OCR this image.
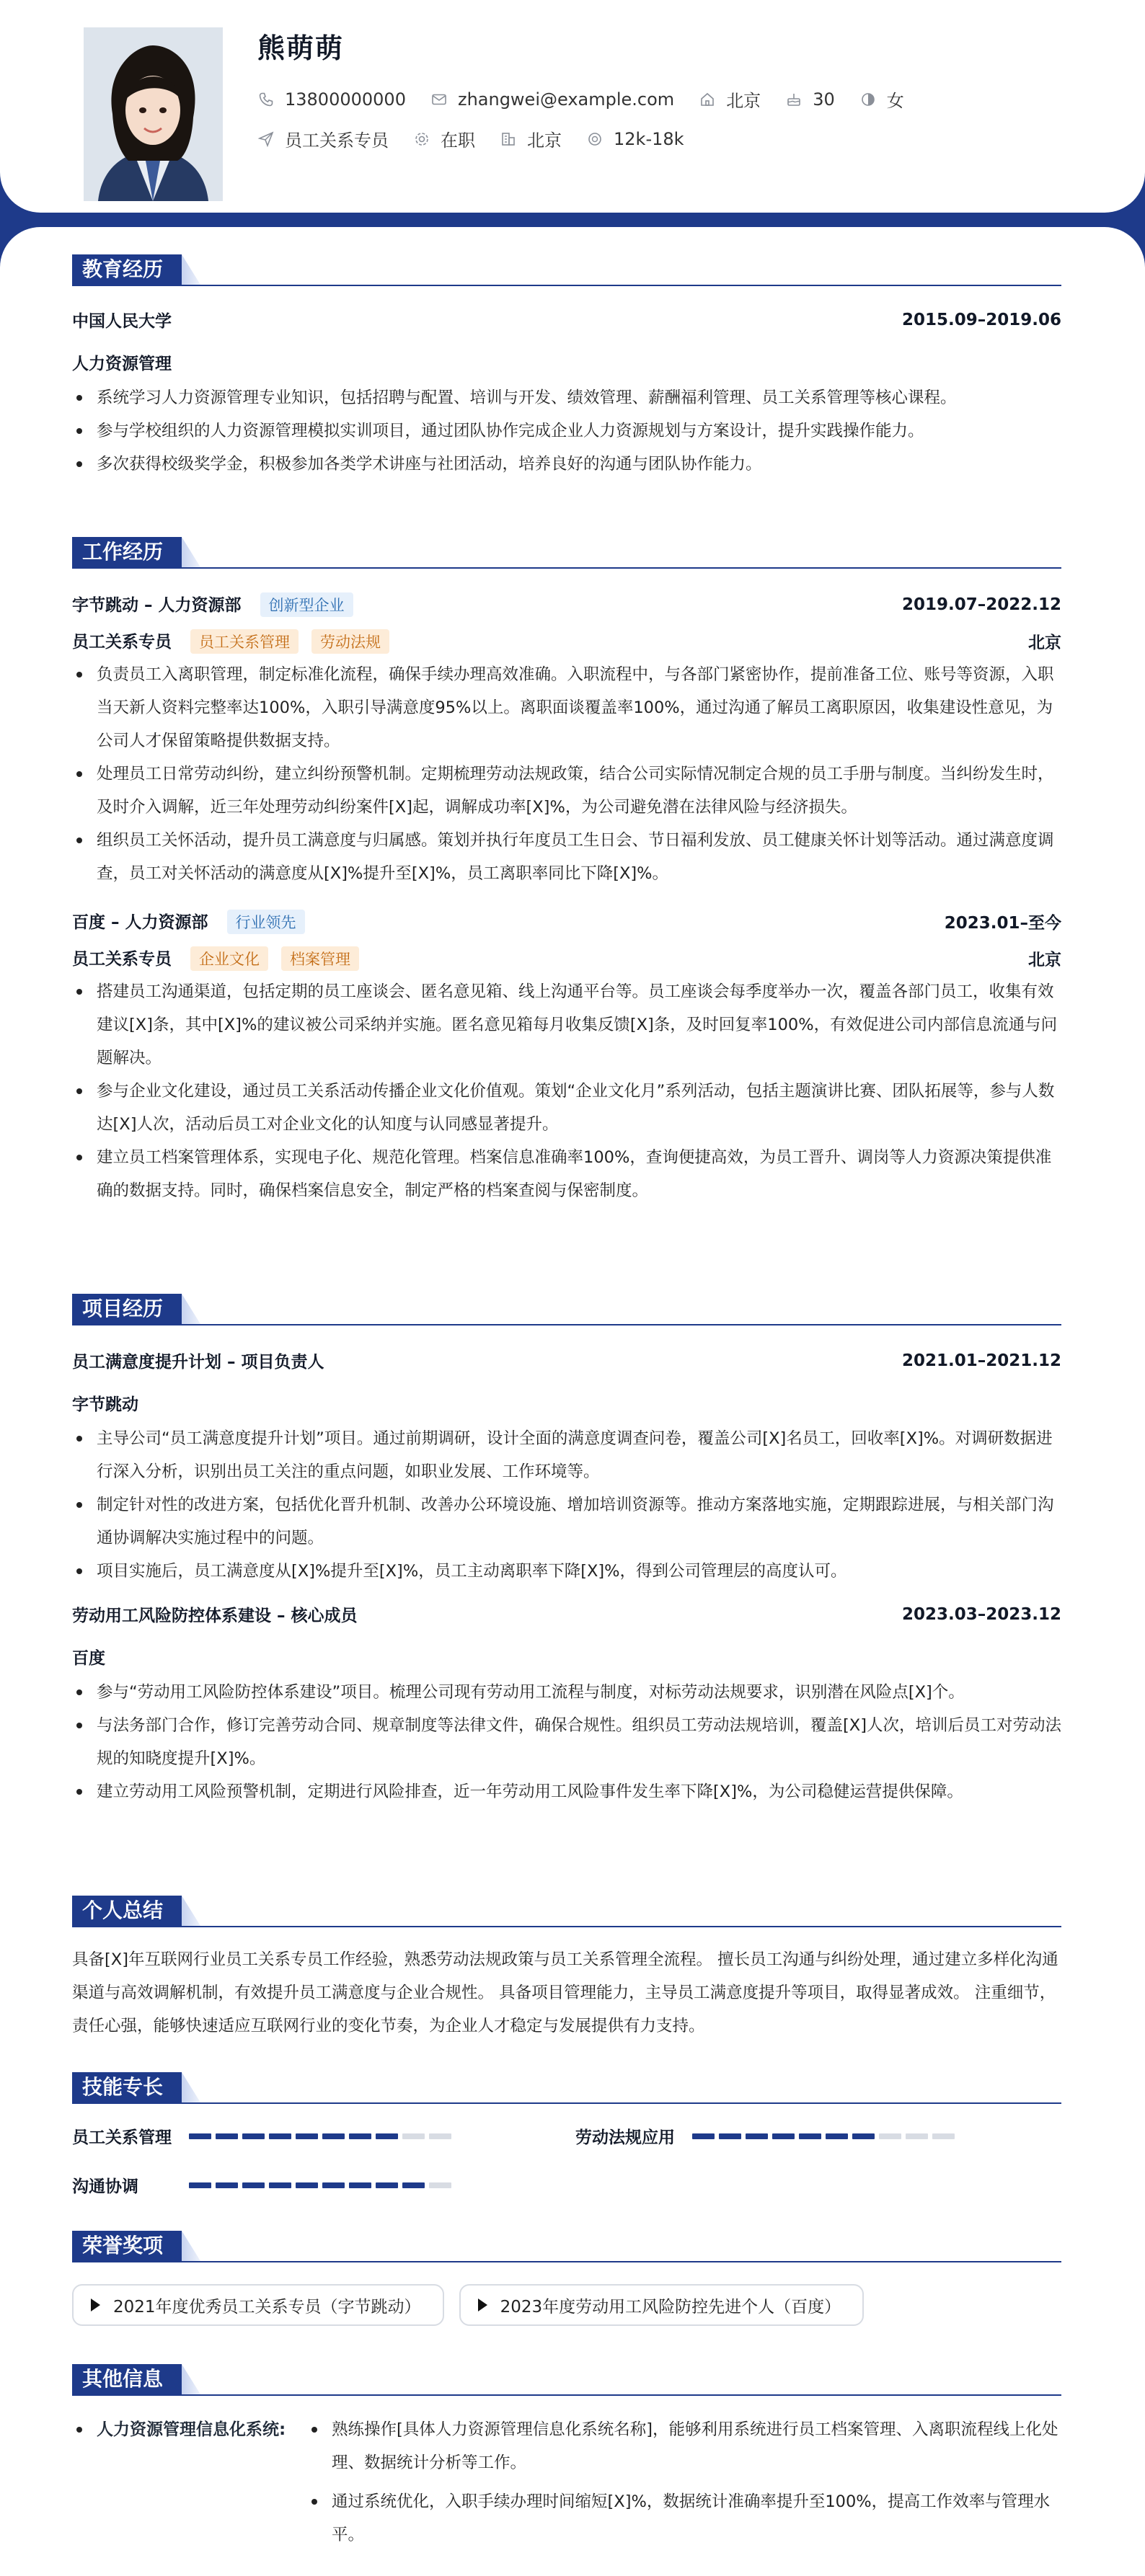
熊萌萌
13800000000	zhangwei@example.com	北京	30	女
员工关系专员	在职	北京	12k-18k
教育经历
中国人民大学	2015.09–2019.06
人力资源管理
系统学习人力资源管理专业知识，包括招聘与配置、培训与开发、绩效管理、薪酬福利管理、员工关系管理等核心课程。
参与学校组织的人力资源管理模拟实训项目，通过团队协作完成企业人力资源规划与方案设计，提升实践操作能力。
多次获得校级奖学金，积极参加各类学术讲座与社团活动，培养良好的沟通与团队协作能力。
工作经历
字节跳动 – 人力资源部 创新型企业	2019.07–2022.12
员工关系专员 员工关系管理 劳动法规	北京
负责员工入离职管理，制定标准化流程，确保手续办理高效准确。入职流程中，与各部门紧密协作，提前准备工位、账号等资源，入职当天新人资料完整率达100%，入职引导满意度95%以上。离职面谈覆盖率100%，通过沟通了解员工离职原因，收集建设性意见，为公司人才保留策略提供数据支持。
处理员工日常劳动纠纷，建立纠纷预警机制。定期梳理劳动法规政策，结合公司实际情况制定合规的员工手册与制度。当纠纷发生时，及时介入调解，近三年处理劳动纠纷案件[X]起，调解成功率[X]%，为公司避免潜在法律风险与经济损失。
组织员工关怀活动，提升员工满意度与归属感。策划并执行年度员工生日会、节日福利发放、员工健康关怀计划等活动。通过满意度调查，员工对关怀活动的满意度从[X]%提升至[X]%，员工离职率同比下降[X]%。
百度 – 人力资源部 行业领先	2023.01–至今
员工关系专员 企业文化 档案管理	北京
搭建员工沟通渠道，包括定期的员工座谈会、匿名意见箱、线上沟通平台等。员工座谈会每季度举办一次，覆盖各部门员工，收集有效建议[X]条，其中[X]%的建议被公司采纳并实施。匿名意见箱每月收集反馈[X]条，及时回复率100%，有效促进公司内部信息流通与问题解决。
参与企业文化建设，通过员工关系活动传播企业文化价值观。策划“企业文化月”系列活动，包括主题演讲比赛、团队拓展等，参与人数达[X]人次，活动后员工对企业文化的认知度与认同感显著提升。
建立员工档案管理体系，实现电子化、规范化管理。档案信息准确率100%，查询便捷高效，为员工晋升、调岗等人力资源决策提供准确的数据支持。同时，确保档案信息安全，制定严格的档案查阅与保密制度。
项目经历
员工满意度提升计划 – 项目负责人	2021.01–2021.12
字节跳动
主导公司“员工满意度提升计划”项目。通过前期调研，设计全面的满意度调查问卷，覆盖公司[X]名员工，回收率[X]%。对调研数据进行深入分析，识别出员工关注的重点问题，如职业发展、工作环境等。
制定针对性的改进方案，包括优化晋升机制、改善办公环境设施、增加培训资源等。推动方案落地实施，定期跟踪进展，与相关部门沟通协调解决实施过程中的问题。
项目实施后，员工满意度从[X]%提升至[X]%，员工主动离职率下降[X]%，得到公司管理层的高度认可。
劳动用工风险防控体系建设 – 核心成员	2023.03–2023.12
百度
参与“劳动用工风险防控体系建设”项目。梳理公司现有劳动用工流程与制度，对标劳动法规要求，识别潜在风险点[X]个。
与法务部门合作，修订完善劳动合同、规章制度等法律文件，确保合规性。组织员工劳动法规培训，覆盖[X]人次，培训后员工对劳动法规的知晓度提升[X]%。
建立劳动用工风险预警机制，定期进行风险排查，近一年劳动用工风险事件发生率下降[X]%，为公司稳健运营提供保障。
个人总结
具备[X]年互联网行业员工关系专员工作经验，熟悉劳动法规政策与员工关系管理全流程。 擅长员工沟通与纠纷处理，通过建立多样化沟通渠道与高效调解机制，有效提升员工满意度与企业合规性。 具备项目管理能力，主导员工满意度提升等项目，取得显著成效。 注重细节，责任心强，能够快速适应互联网行业的变化节奏，为企业人才稳定与发展提供有力支持。
技能专长
员工关系管理	劳动法规应用
沟通协调
荣誉奖项
2021年度优秀员工关系专员（字节跳动）
	2023年度劳动用工风险防控先进个人（百度）
其他信息
人力资源管理信息化系统:	熟练操作[具体人力资源管理信息化系统名称]，能够利用系统进行员工档案管理、入离职流程线上化处理、数据统计分析等工作。
通过系统优化，入职手续办理时间缩短[X]%，数据统计准确率提升至100%，提高工作效率与管理水平。
